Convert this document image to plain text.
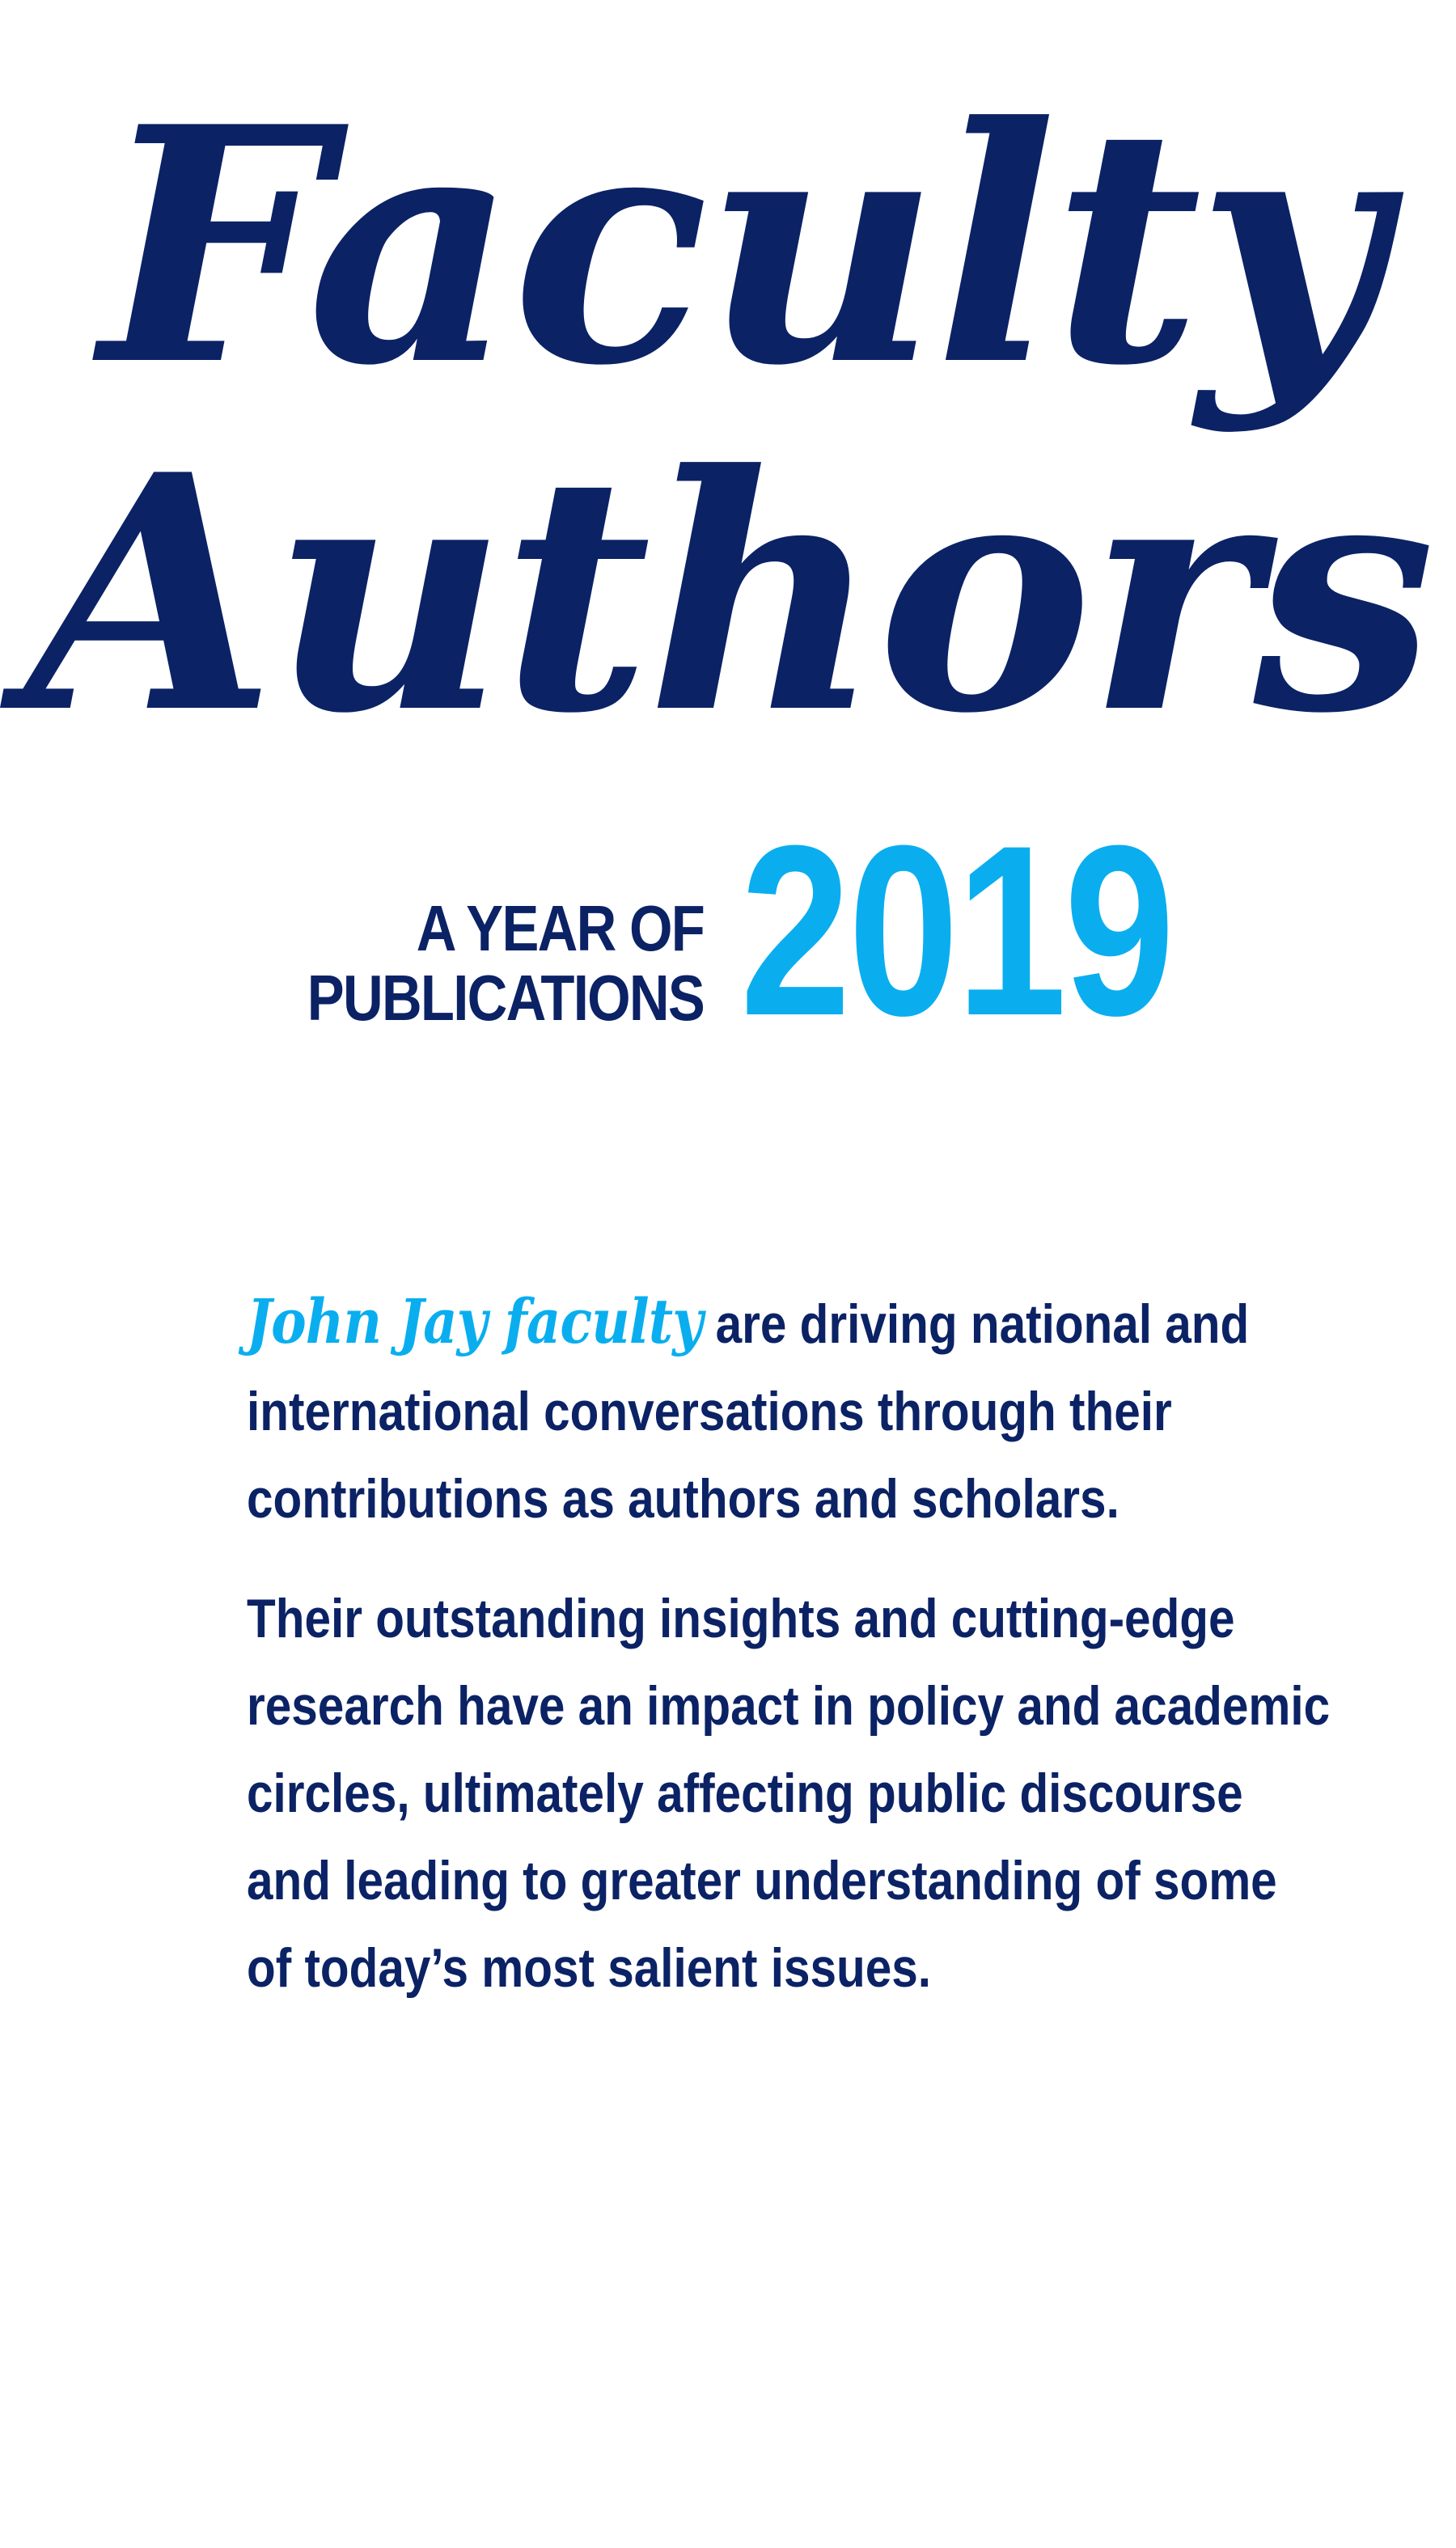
Faculty
Authors
A YEAR OF
PUBLICATIONS 2019

John Jay faculty are driving national and international conversations through their contributions as authors and scholars.

Their outstanding insights and cutting-edge research have an impact in policy and academic circles, ultimately affecting public discourse and leading to greater understanding of some of today’s most salient issues.
